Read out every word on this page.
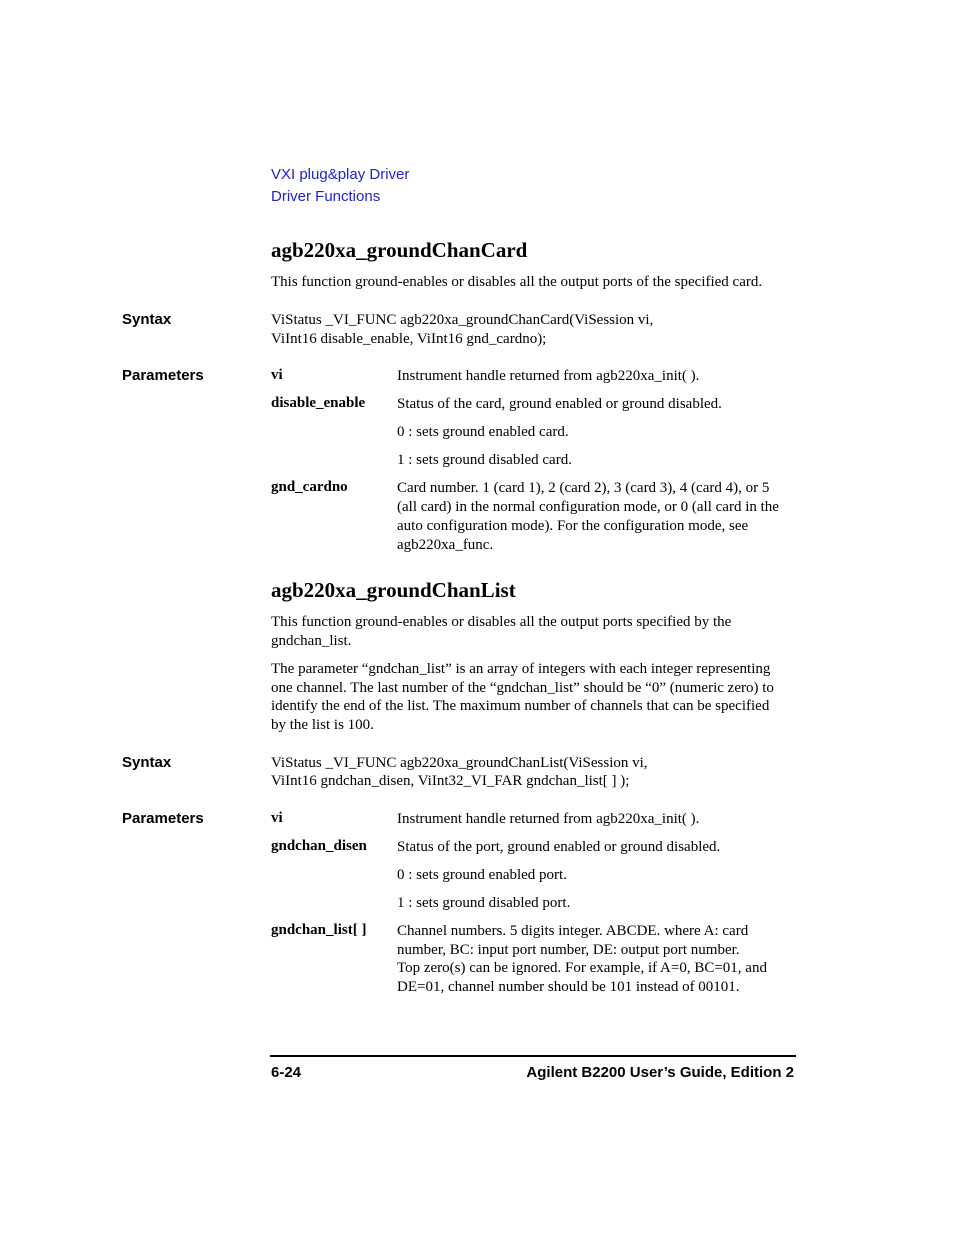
VXI plug&play Driver
Driver Functions
agb220xa_groundChanCard
This function ground-enables or disables all the output ports of the specified card.
Syntax	ViStatus _VI_FUNC agb220xa_groundChanCard(ViSession vi,
ViInt16 disable_enable, ViInt16 gnd_cardno);
Parameters	vi	Instrument handle returned from agb220xa_init( ).
disable_enable Status of the card, ground enabled or ground disabled.
0 : sets ground enabled card.
1 : sets ground disabled card.
gnd_cardno	Card number. 1 (card 1), 2 (card 2), 3 (card 3), 4 (card 4), or 5
(all card) in the normal configuration mode, or 0 (all card in the
auto configuration mode). For the configuration mode, see
agb220xa_func.
agb220xa_groundChanList
This function ground-enables or disables all the output ports specified by the
gndchan_list.
The parameter “gndchan_list” is an array of integers with each integer representing
one channel. The last number of the “gndchan_list” should be “0” (numeric zero) to
identify the end of the list. The maximum number of channels that can be specified
by the list is 100.
Syntax	ViStatus _VI_FUNC agb220xa_groundChanList(ViSession vi,
ViInt16 gndchan_disen, ViInt32_VI_FAR gndchan_list[ ] );
Parameters	vi	Instrument handle returned from agb220xa_init( ).
gndchan_disen Status of the port, ground enabled or ground disabled.
0 : sets ground enabled port.
1 : sets ground disabled port.
gndchan_list[ ] Channel numbers. 5 digits integer. ABCDE. where A: card
number, BC: input port number, DE: output port number.
Top zero(s) can be ignored. For example, if A=0, BC=01, and
DE=01, channel number should be 101 instead of 00101.
6-24	Agilent B2200 User’s Guide, Edition 2
